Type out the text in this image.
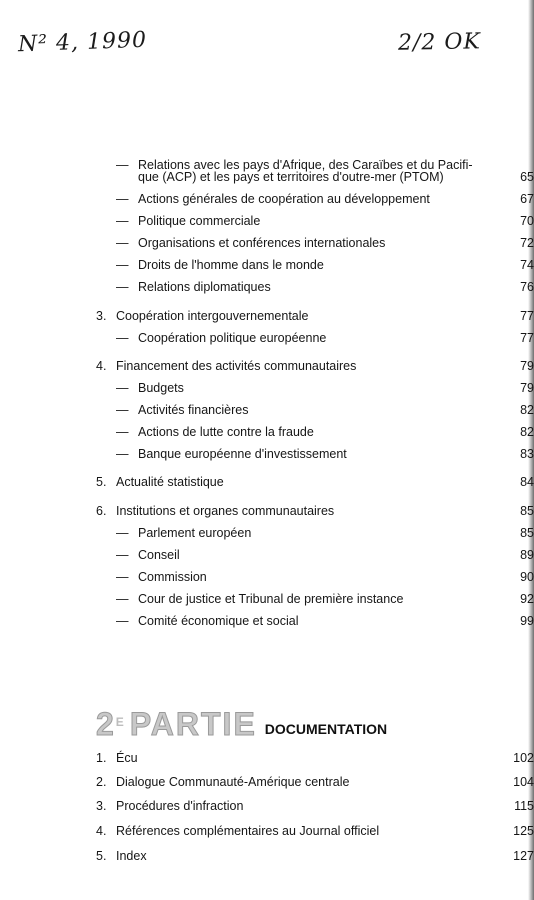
N² 4, 1990	2/2 OK
— Relations avec les pays d'Afrique, des Caraïbes et du Pacifi-
que (ACP) et les pays et territoires d'outre-mer (PTOM)	65
— Actions générales de coopération au développement	67
— Politique commerciale	70
— Organisations et conférences internationales	72
— Droits de l'homme dans le monde	74
— Relations diplomatiques	76
3. Coopération intergouvernementale	77
— Coopération politique européenne	77
4. Financement des activités communautaires	79
— Budgets	79
— Activités financières	82
— Actions de lutte contre la fraude	82
— Banque européenne d'investissement	83
5. Actualité statistique	84
6. Institutions et organes communautaires	85
— Parlement européen	85
— Conseil	89
— Commission	90
— Cour de justice et Tribunal de première instance	92
— Comité économique et social	99
2 E PARTIE DOCUMENTATION
1. Écu	102
2. Dialogue Communauté-Amérique centrale	104
3. Procédures d'infraction	115
4. Références complémentaires au Journal officiel	125
5. Index	127
